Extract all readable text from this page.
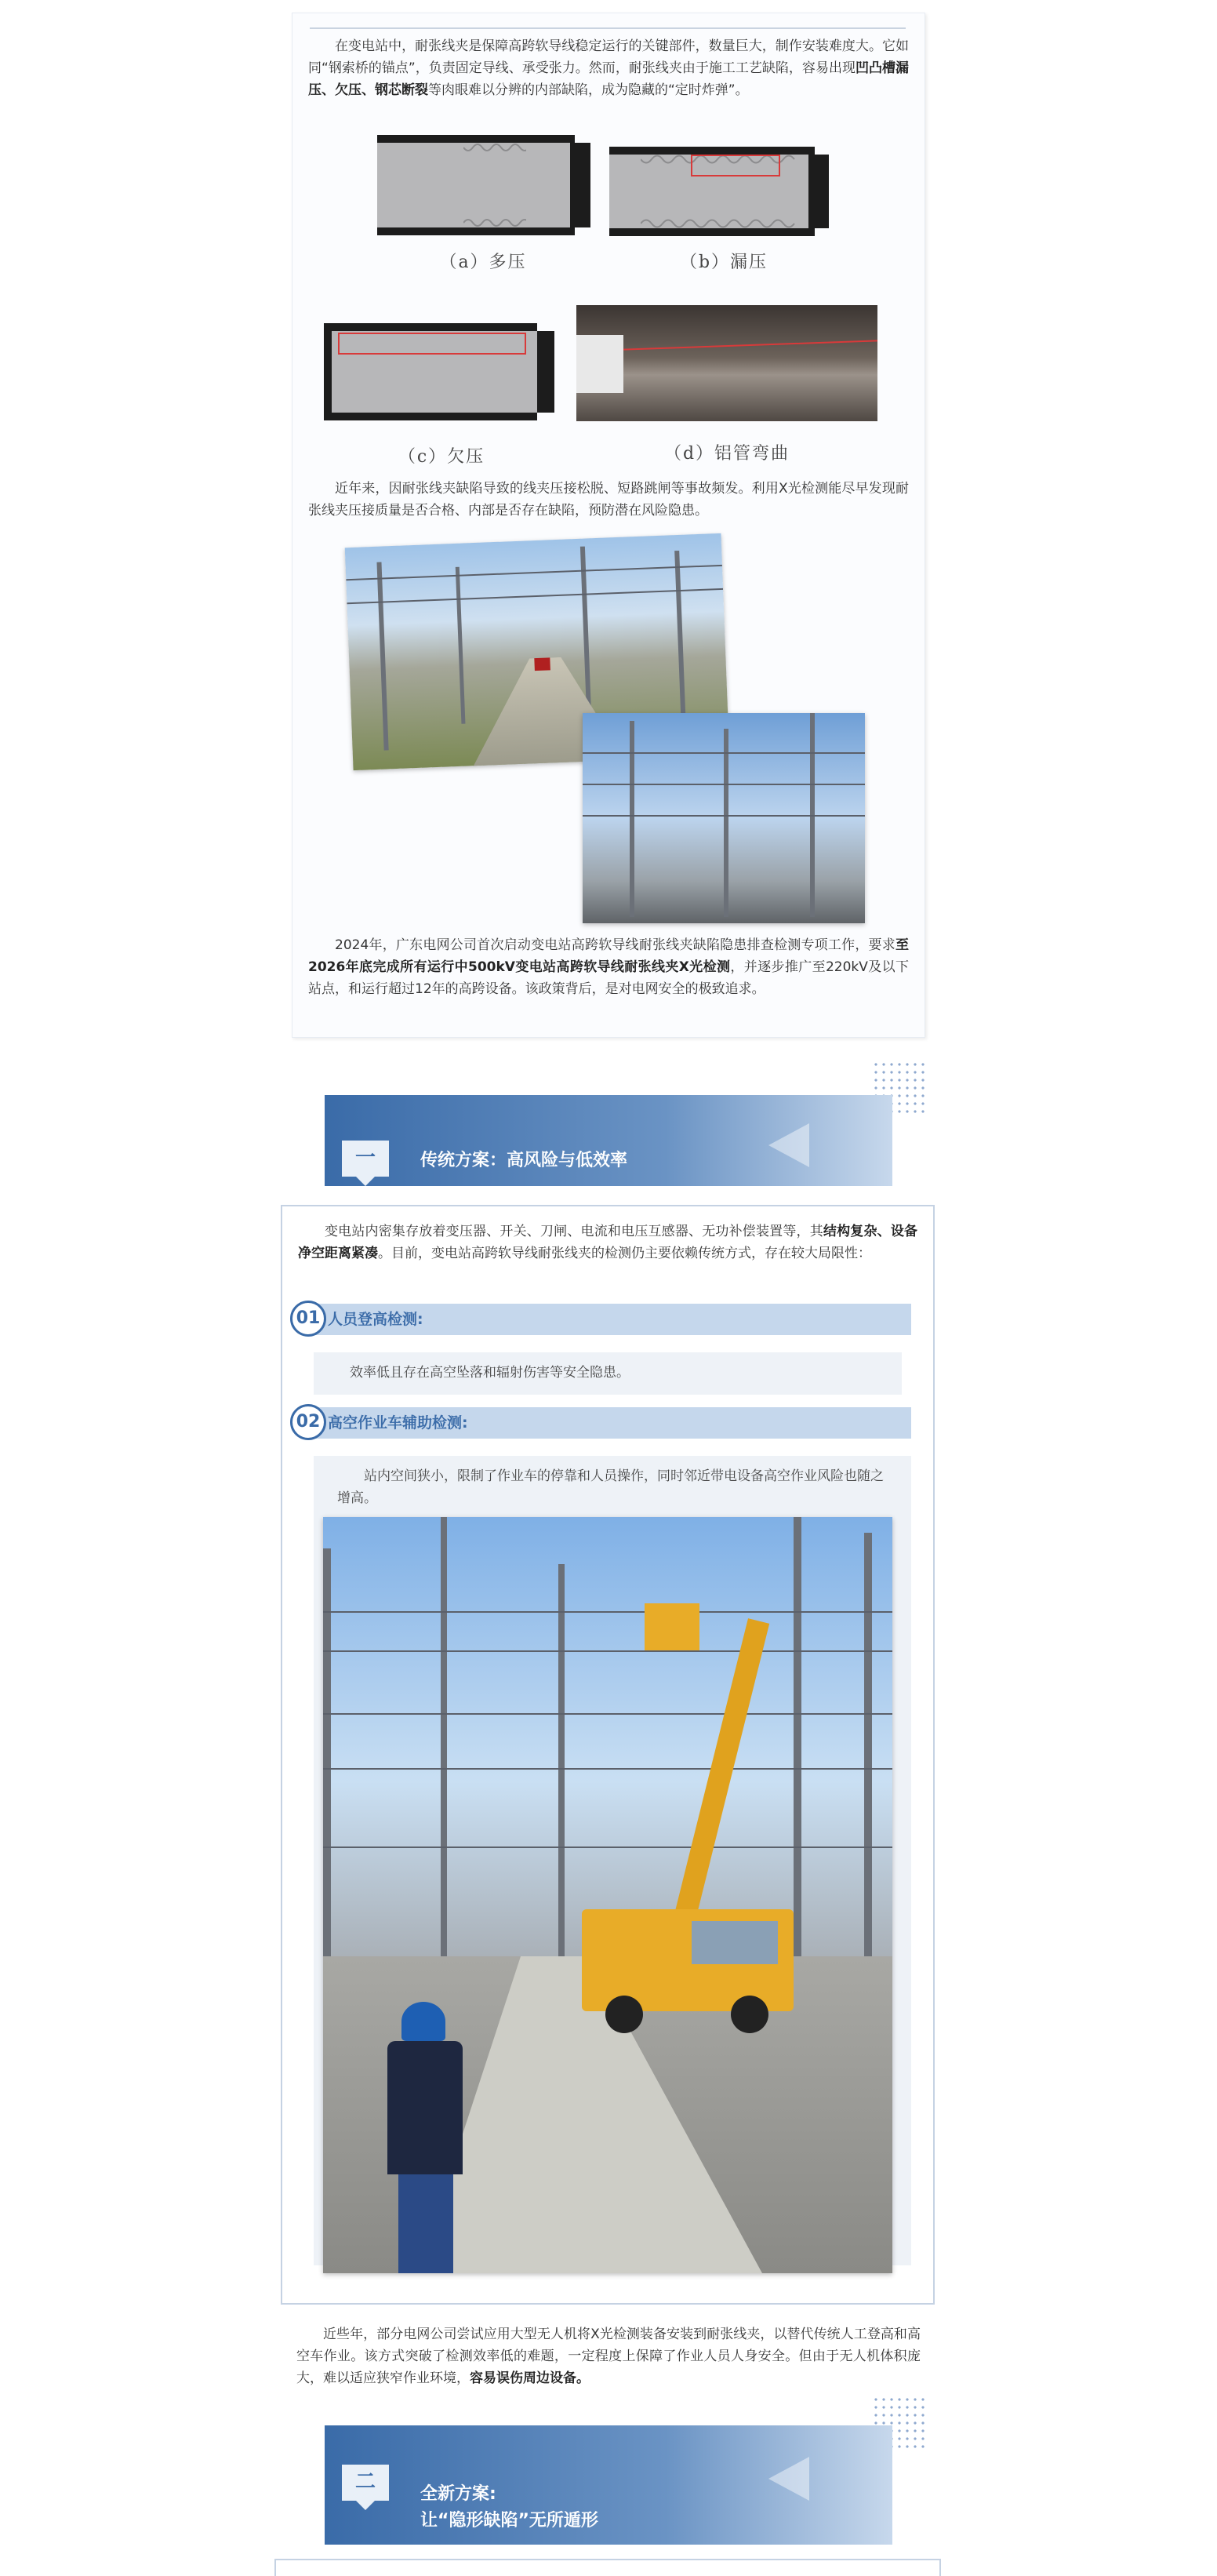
在变电站中，耐张线夹是保障高跨软导线稳定运行的关键部件，数量巨大，制作安装难度大。它如同“钢索桥的锚点”，负责固定导线、承受张力。然而，耐张线夹由于施工工艺缺陷，容易出现凹凸槽漏压、欠压、钢芯断裂等肉眼难以分辨的内部缺陷，成为隐藏的“定时炸弹”。

（a）多压	（b）漏压
（c）欠压	（d）铝管弯曲

近年来，因耐张线夹缺陷导致的线夹压接松脱、短路跳闸等事故频发。利用X光检测能尽早发现耐张线夹压接质量是否合格、内部是否存在缺陷，预防潜在风险隐患。

2024年，广东电网公司首次启动变电站高跨软导线耐张线夹缺陷隐患排查检测专项工作，要求至2026年底完成所有运行中500kV变电站高跨软导线耐张线夹X光检测，并逐步推广至220kV及以下站点，和运行超过12年的高跨设备。该政策背后，是对电网安全的极致追求。

一	传统方案：高风险与低效率

变电站内密集存放着变压器、开关、刀闸、电流和电压互感器、无功补偿装置等，其结构复杂、设备净空距离紧凑。目前，变电站高跨软导线耐张线夹的检测仍主要依赖传统方式，存在较大局限性：

人员登高检测:
01
效率低且存在高空坠落和辐射伤害等安全隐患。
高空作业车辅助检测:
02
站内空间狭小，限制了作业车的停靠和人员操作，同时邻近带电设备高空作业风险也随之增高。

近些年，部分电网公司尝试应用大型无人机将X光检测装备安装到耐张线夹，以替代传统人工登高和高空车作业。该方式突破了检测效率低的难题，一定程度上保障了作业人员人身安全。但由于无人机体积庞大，难以适应狭窄作业环境，容易误伤周边设备。

二
全新方案:
让“隐形缺陷”无所遁形
